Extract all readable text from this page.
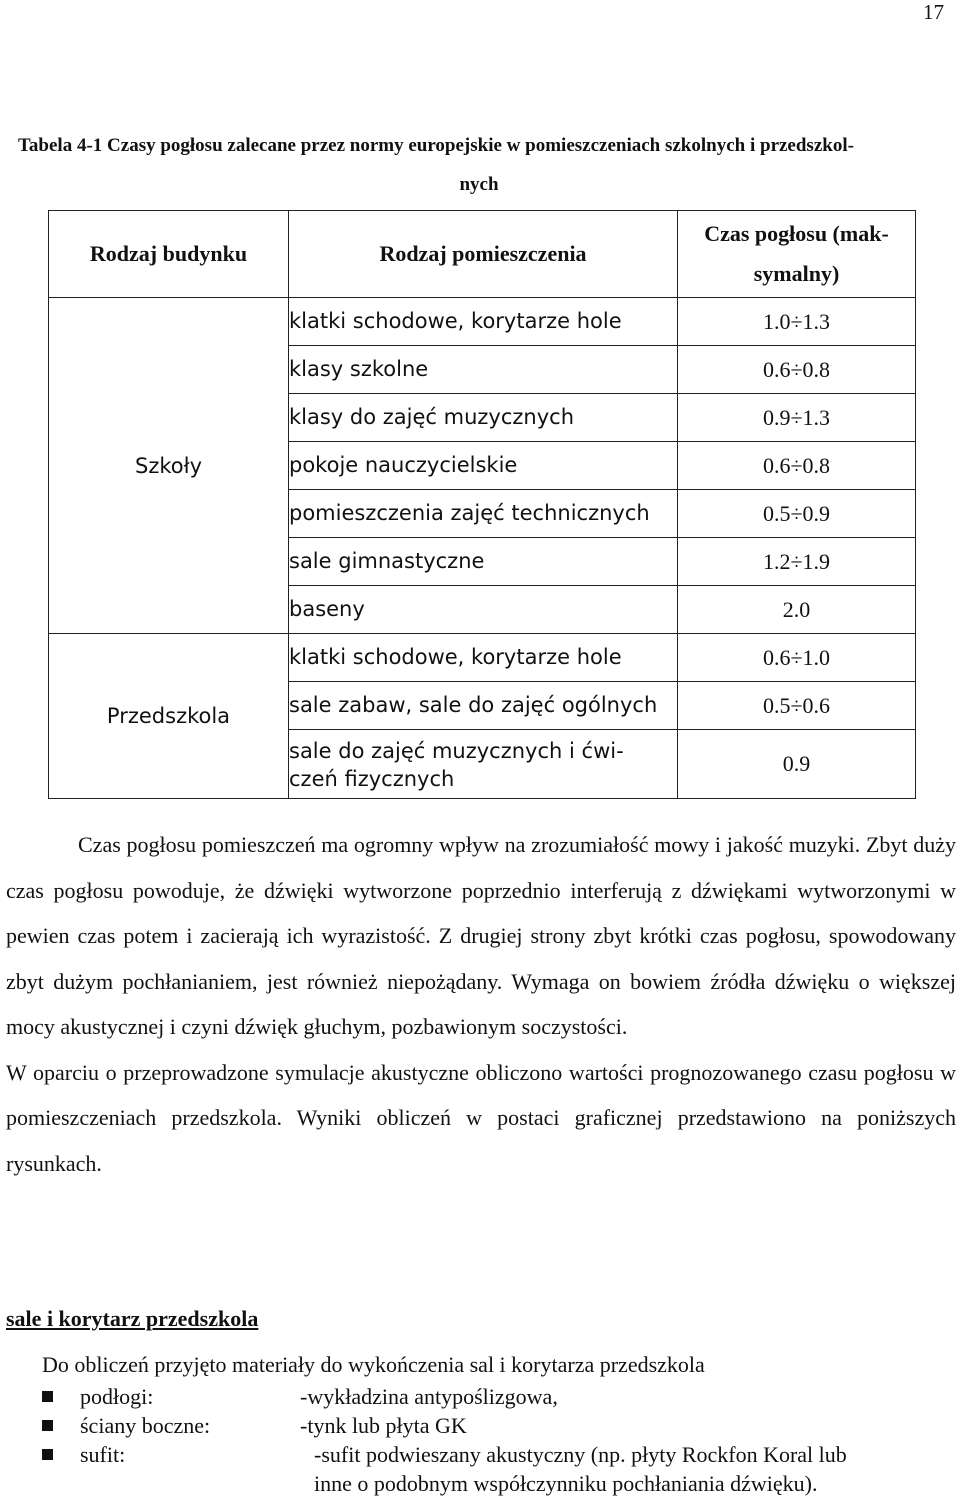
17
Tabela 4-1 Czasy pogłosu zalecane przez normy europejskie w pomieszczeniach szkolnych i przedszkol-
nych
Rodzaj budynku	Rodzaj pomieszczenia	Czas pogłosu (mak-
symalny)

Szkoły	klatki schodowe, korytarze hole	1.0÷1.3
	klasy szkolne	0.6÷0.8
	klasy do zajęć muzycznych	0.9÷1.3
	pokoje nauczycielskie	0.6÷0.8
	pomieszczenia zajęć technicznych	0.5÷0.9
	sale gimnastyczne	1.2÷1.9
	baseny	2.0
Przedszkola	klatki schodowe, korytarze hole	0.6÷1.0
	sale zabaw, sale do zajęć ogólnych	0.5÷0.6

	sale do zajęć muzycznych i ćwi-
czeń fizycznych	0.9

Czas pogłosu pomieszczeń ma ogromny wpływ na zrozumiałość mowy i jakość muzyki. Zbyt duży czas pogłosu powoduje, że dźwięki wytworzone poprzednio interferują z dźwiękami wytworzonymi w pewien czas potem i zacierają ich wyrazistość. Z drugiej strony zbyt krótki czas pogłosu, spowodowany zbyt dużym pochłanianiem, jest również niepożądany. Wymaga on bowiem źródła dźwięku o większej mocy akustycznej i czyni dźwięk głuchym, pozbawionym soczystości.

W oparciu o przeprowadzone symulacje akustyczne obliczono wartości prognozowanego czasu pogłosu w pomieszczeniach przedszkola. Wyniki obliczeń w postaci graficznej przedstawiono na poniższych rysunkach.

sale i korytarz przedszkola
Do obliczeń przyjęto materiały do wykończenia sal i korytarza przedszkola
podłogi:	-wykładzina antypoślizgowa,
ściany boczne:	-tynk lub płyta GK
sufit:	-sufit podwieszany akustyczny (np. płyty Rockfon Koral lub
inne o podobnym współczynniku pochłaniania dźwięku).
